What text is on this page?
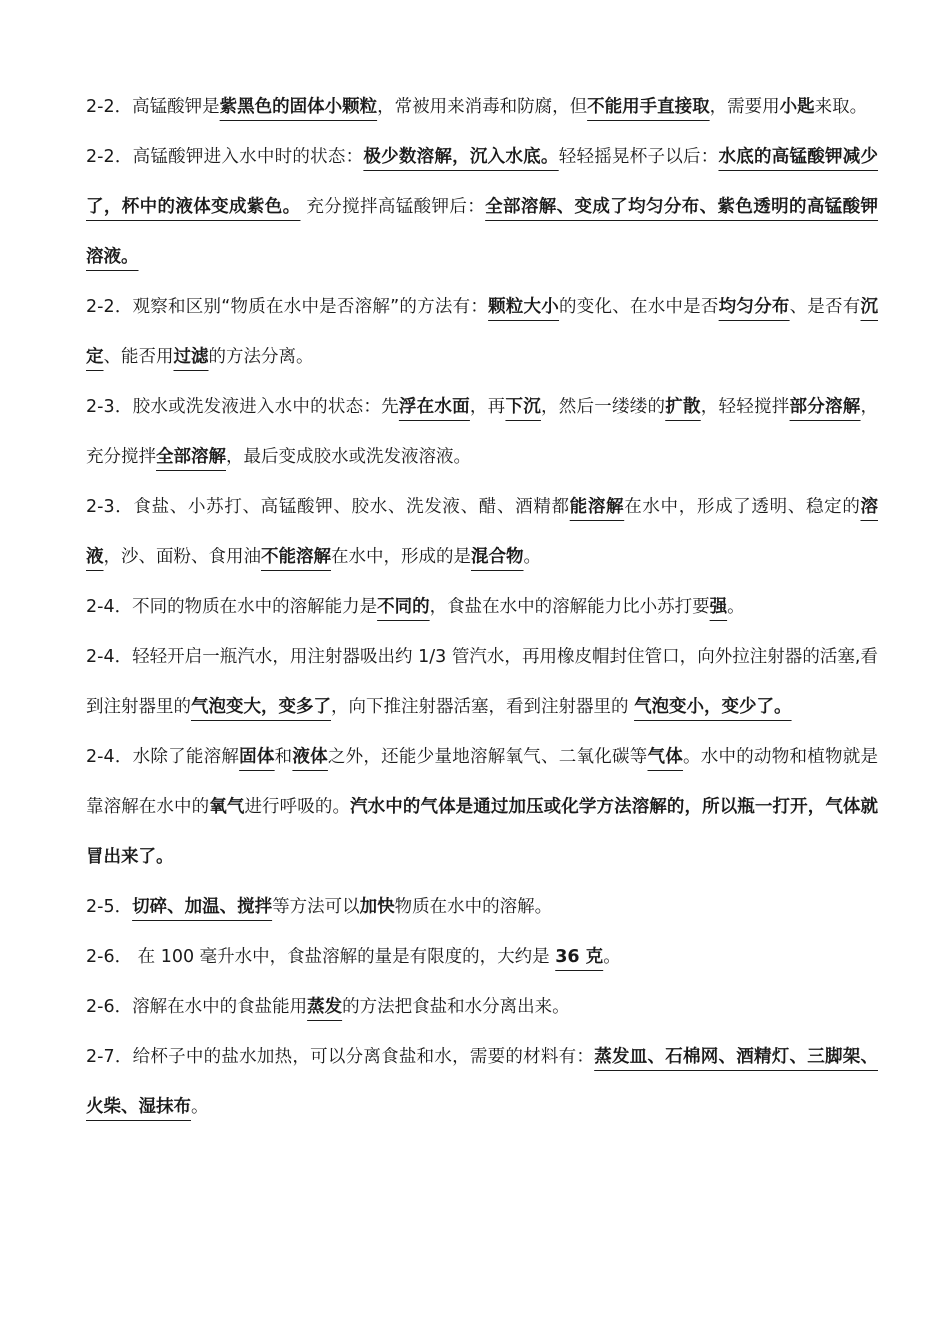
2-2．高锰酸钾是紫黑色的固体小颗粒，常被用来消毒和防腐，但不能用手直接取，需要用小匙来取。

2-2．高锰酸钾进入水中时的状态：极少数溶解，沉入水底。轻轻摇晃杯子以后：水底的高锰酸钾减少了，杯中的液体变成紫色。 充分搅拌高锰酸钾后：全部溶解、变成了均匀分布、紫色透明的高锰酸钾溶液。

2-2．观察和区别“物质在水中是否溶解”的方法有：颗粒大小的变化、在水中是否均匀分布、是否有沉定、能否用过滤的方法分离。

2-3．胶水或洗发液进入水中的状态：先浮在水面，再下沉，然后一缕缕的扩散，轻轻搅拌部分溶解，充分搅拌全部溶解，最后变成胶水或洗发液溶液。

2-3．食盐、小苏打、高锰酸钾、胶水、洗发液、醋、酒精都能溶解在水中，形成了透明、稳定的溶液，沙、面粉、食用油不能溶解在水中，形成的是混合物。

2-4．不同的物质在水中的溶解能力是不同的，食盐在水中的溶解能力比小苏打要强。

2-4．轻轻开启一瓶汽水，用注射器吸出约 1/3 管汽水，再用橡皮帽封住管口，向外拉注射器的活塞,看到注射器里的气泡变大，变多了，向下推注射器活塞，看到注射器里的 气泡变小，变少了。

2-4．水除了能溶解固体和液体之外，还能少量地溶解氧气、二氧化碳等气体。水中的动物和植物就是靠溶解在水中的氧气进行呼吸的。汽水中的气体是通过加压或化学方法溶解的，所以瓶一打开，气体就冒出来了。

2-5．切碎、加温、搅拌等方法可以加快物质在水中的溶解。

2-6． 在 100 毫升水中，食盐溶解的量是有限度的，大约是 36 克。

2-6．溶解在水中的食盐能用蒸发的方法把食盐和水分离出来。

2-7．给杯子中的盐水加热，可以分离食盐和水，需要的材料有：蒸发皿、石棉网、酒精灯、三脚架、火柴、湿抹布。
